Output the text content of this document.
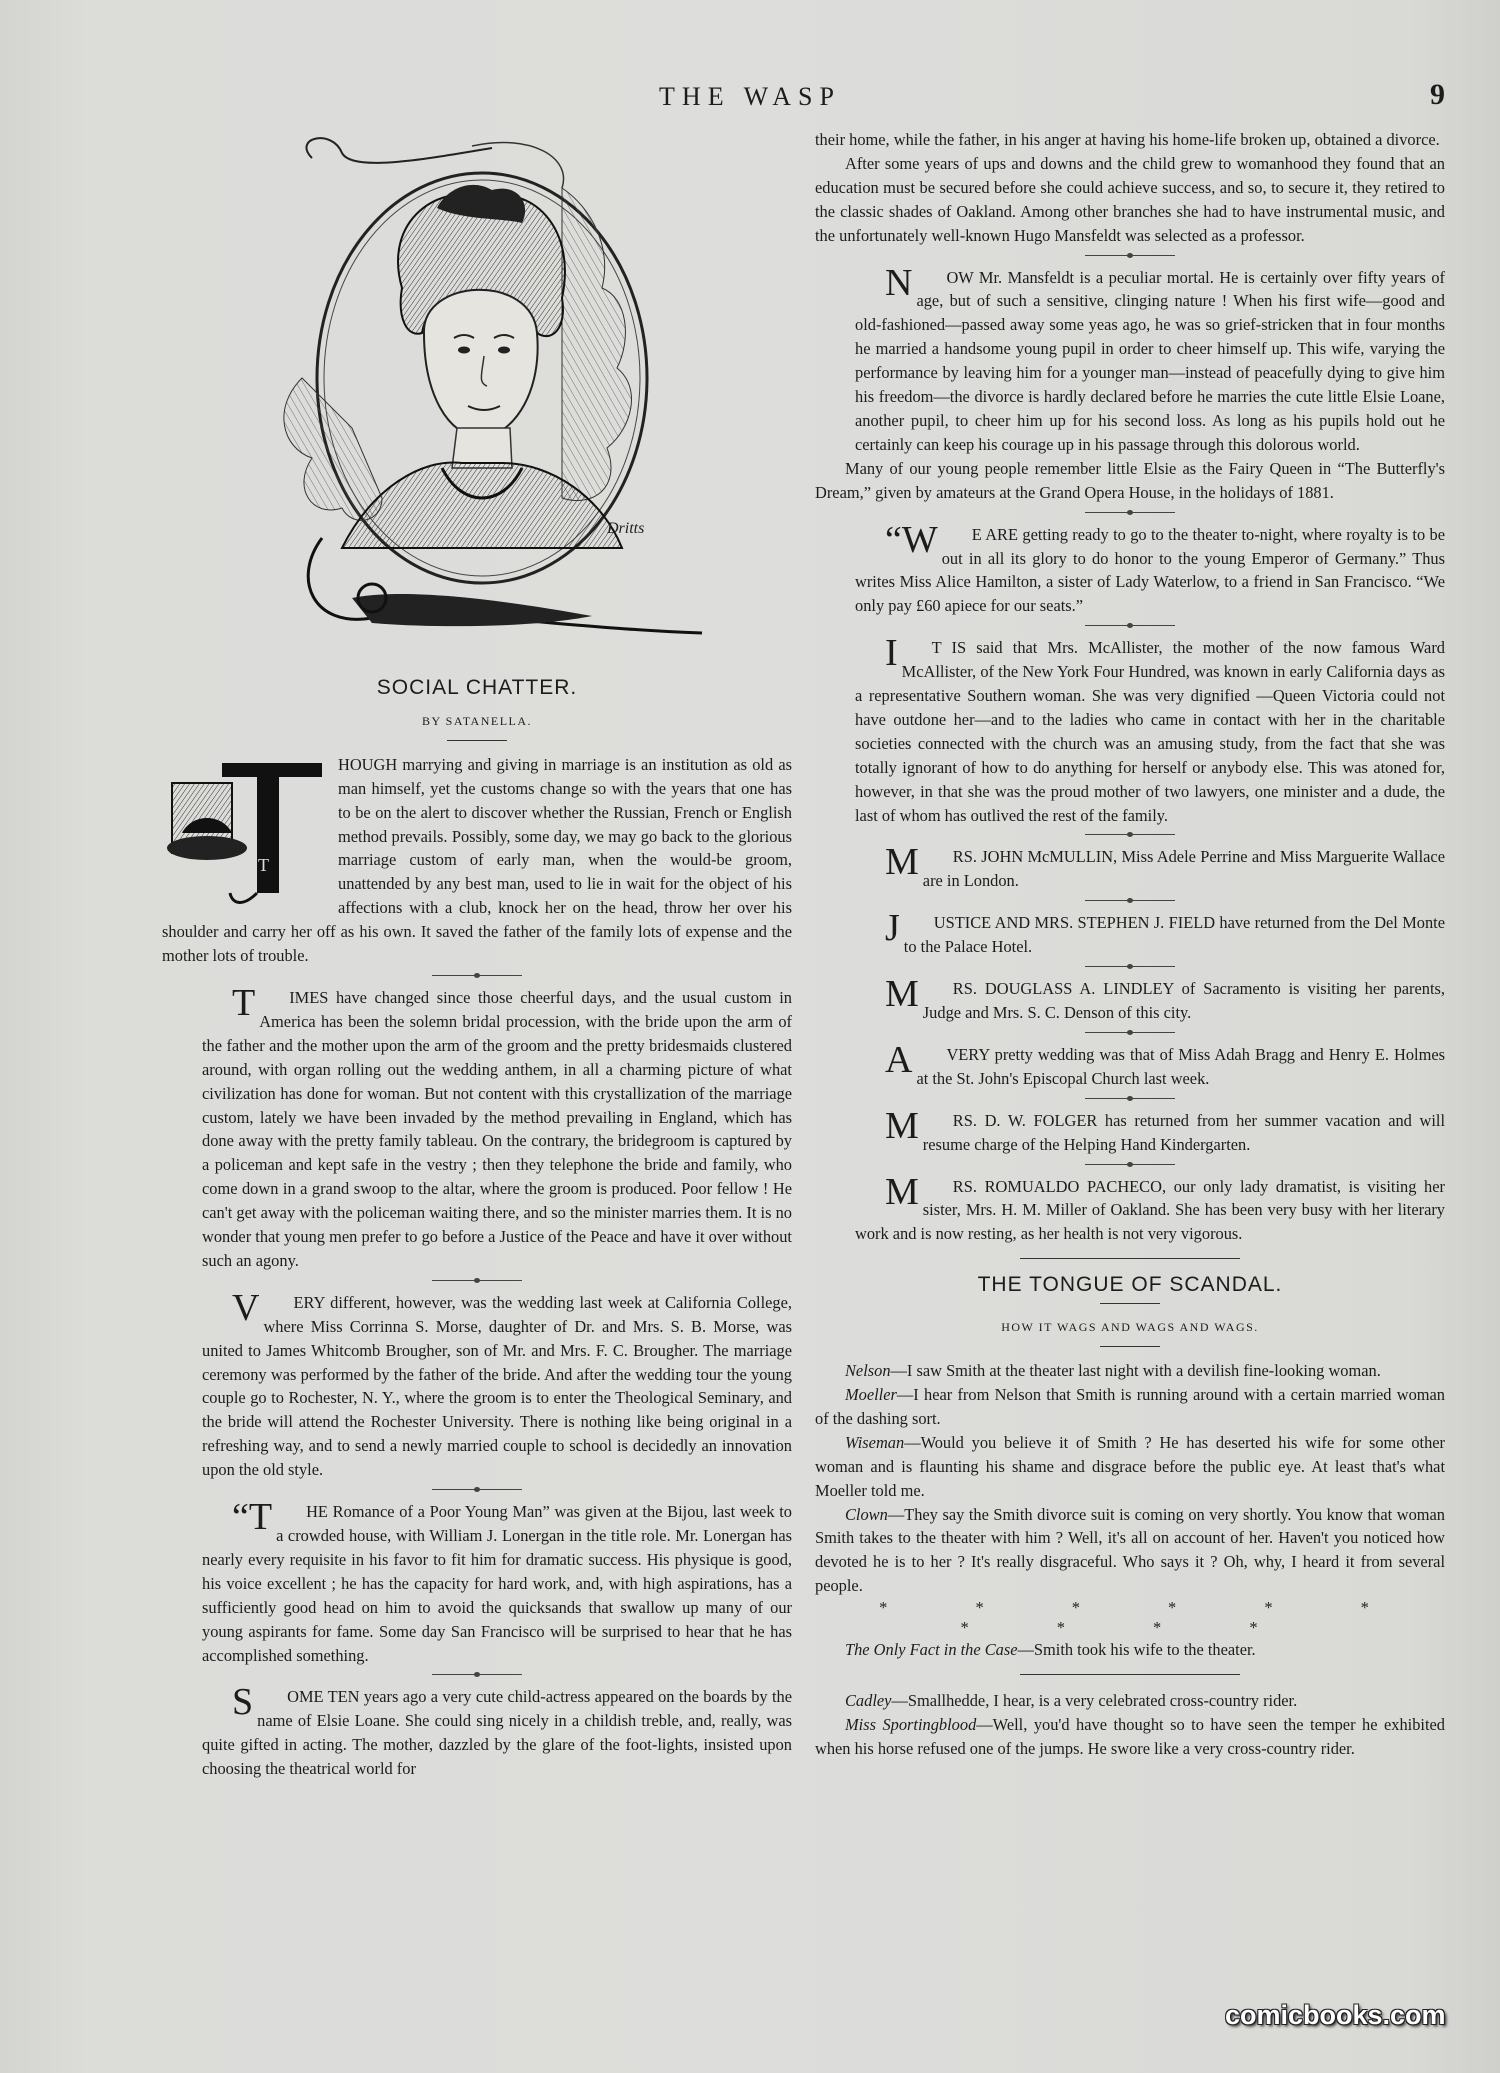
THE WASP	9
Dritts
SOCIAL CHATTER.
BY SATANELLA.
T

HOUGH marrying and giving in marriage is an institution as old as man himself, yet the customs change so with the years that one has to be on the alert to discover whether the Russian, French or English method prevails. Possibly, some day, we may go back to the glorious marriage custom of early man, when the would-be groom, unattended by any best man, used to lie in wait for the object of his affections with a club, knock her on the head, throw her over his shoulder and carry her off as his own. It saved the father of the family lots of expense and the mother lots of trouble.

T IMES have changed since those cheerful days, and the usual custom in America has been the solemn bridal procession, with the bride upon the arm of the father and the mother upon the arm of the groom and the pretty bridesmaids clustered around, with organ rolling out the wedding anthem, in all a charming picture of what civilization has done for woman. But not content with this crystallization of the marriage custom, lately we have been invaded by the method prevailing in England, which has done away with the pretty family tableau. On the contrary, the bridegroom is captured by a policeman and kept safe in the vestry ; then they telephone the bride and family, who come down in a grand swoop to the altar, where the groom is produced. Poor fellow ! He can't get away with the policeman waiting there, and so the minister marries them. It is no wonder that young men prefer to go before a Justice of the Peace and have it over without such an agony.

V ERY different, however, was the wedding last week at California College, where Miss Corrinna S. Morse, daughter of Dr. and Mrs. S. B. Morse, was united to James Whitcomb Brougher, son of Mr. and Mrs. F. C. Brougher. The marriage ceremony was performed by the father of the bride. And after the wedding tour the young couple go to Rochester, N. Y., where the groom is to enter the Theological Seminary, and the bride will attend the Rochester University. There is nothing like being original in a refreshing way, and to send a newly married couple to school is decidedly an innovation upon the old style.

“T HE Romance of a Poor Young Man” was given at the Bijou, last week to a crowded house, with William J. Lonergan in the title role. Mr. Lonergan has nearly every requisite in his favor to fit him for dramatic success. His physique is good, his voice excellent ; he has the capacity for hard work, and, with high aspirations, has a sufficiently good head on him to avoid the quicksands that swallow up many of our young aspirants for fame. Some day San Francisco will be surprised to hear that he has accomplished something.

S OME TEN years ago a very cute child-actress appeared on the boards by the name of Elsie Loane. She could sing nicely in a childish treble, and, really, was quite gifted in acting. The mother, dazzled by the glare of the foot-lights, insisted upon choosing the theatrical world for

their home, while the father, in his anger at having his home-life broken up, obtained a divorce.

After some years of ups and downs and the child grew to womanhood they found that an education must be secured before she could achieve success, and so, to secure it, they retired to the classic shades of Oakland. Among other branches she had to have instrumental music, and the unfortunately well-known Hugo Mansfeldt was selected as a professor.

N OW Mr. Mansfeldt is a peculiar mortal. He is certainly over fifty years of age, but of such a sensitive, clinging nature ! When his first wife—good and old-fashioned—passed away some yeas ago, he was so grief-stricken that in four months he married a handsome young pupil in order to cheer himself up. This wife, varying the performance by leaving him for a younger man—instead of peacefully dying to give him his freedom—the divorce is hardly declared before he marries the cute little Elsie Loane, another pupil, to cheer him up for his second loss. As long as his pupils hold out he certainly can keep his courage up in his passage through this dolorous world.

Many of our young people remember little Elsie as the Fairy Queen in “The Butterfly's Dream,” given by amateurs at the Grand Opera House, in the holidays of 1881.

“W E ARE getting ready to go to the theater to-night, where royalty is to be out in all its glory to do honor to the young Emperor of Germany.” Thus writes Miss Alice Hamilton, a sister of Lady Waterlow, to a friend in San Francisco. “We only pay £60 apiece for our seats.”

I T IS said that Mrs. McAllister, the mother of the now famous Ward McAllister, of the New York Four Hundred, was known in early California days as a representative Southern woman. She was very dignified —Queen Victoria could not have outdone her—and to the ladies who came in contact with her in the charitable societies connected with the church was an amusing study, from the fact that she was totally ignorant of how to do anything for herself or anybody else. This was atoned for, however, in that she was the proud mother of two lawyers, one minister and a dude, the last of whom has outlived the rest of the family.

M RS. JOHN McMULLIN, Miss Adele Perrine and Miss Marguerite Wallace are in London.

J USTICE AND MRS. STEPHEN J. FIELD have returned from the Del Monte to the Palace Hotel.

M RS. DOUGLASS A. LINDLEY of Sacramento is visiting her parents, Judge and Mrs. S. C. Denson of this city.

A VERY pretty wedding was that of Miss Adah Bragg and Henry E. Holmes at the St. John's Episcopal Church last week.

M RS. D. W. FOLGER has returned from her summer vacation and will resume charge of the Helping Hand Kindergarten.

M RS. ROMUALDO PACHECO, our only lady dramatist, is visiting her sister, Mrs. H. M. Miller of Oakland. She has been very busy with her literary work and is now resting, as her health is not very vigorous.

THE TONGUE OF SCANDAL.
HOW IT WAGS AND WAGS AND WAGS.

Nelson—I saw Smith at the theater last night with a devilish fine-looking woman.

Moeller—I hear from Nelson that Smith is running around with a certain married woman of the dashing sort.

Wiseman—Would you believe it of Smith ? He has deserted his wife for some other woman and is flaunting his shame and disgrace before the public eye. At least that's what Moeller told me.

Clown—They say the Smith divorce suit is coming on very shortly. You know that woman Smith takes to the theater with him ? Well, it's all on account of her. Haven't you noticed how devoted he is to her ? It's really disgraceful. Who says it ? Oh, why, I heard it from several people.

* * * * * * * * * *

The Only Fact in the Case—Smith took his wife to the theater.

Cadley—Smallhedde, I hear, is a very celebrated cross-country rider.

Miss Sportingblood—Well, you'd have thought so to have seen the temper he exhibited when his horse refused one of the jumps. He swore like a very cross-country rider.

comicbooks.com
